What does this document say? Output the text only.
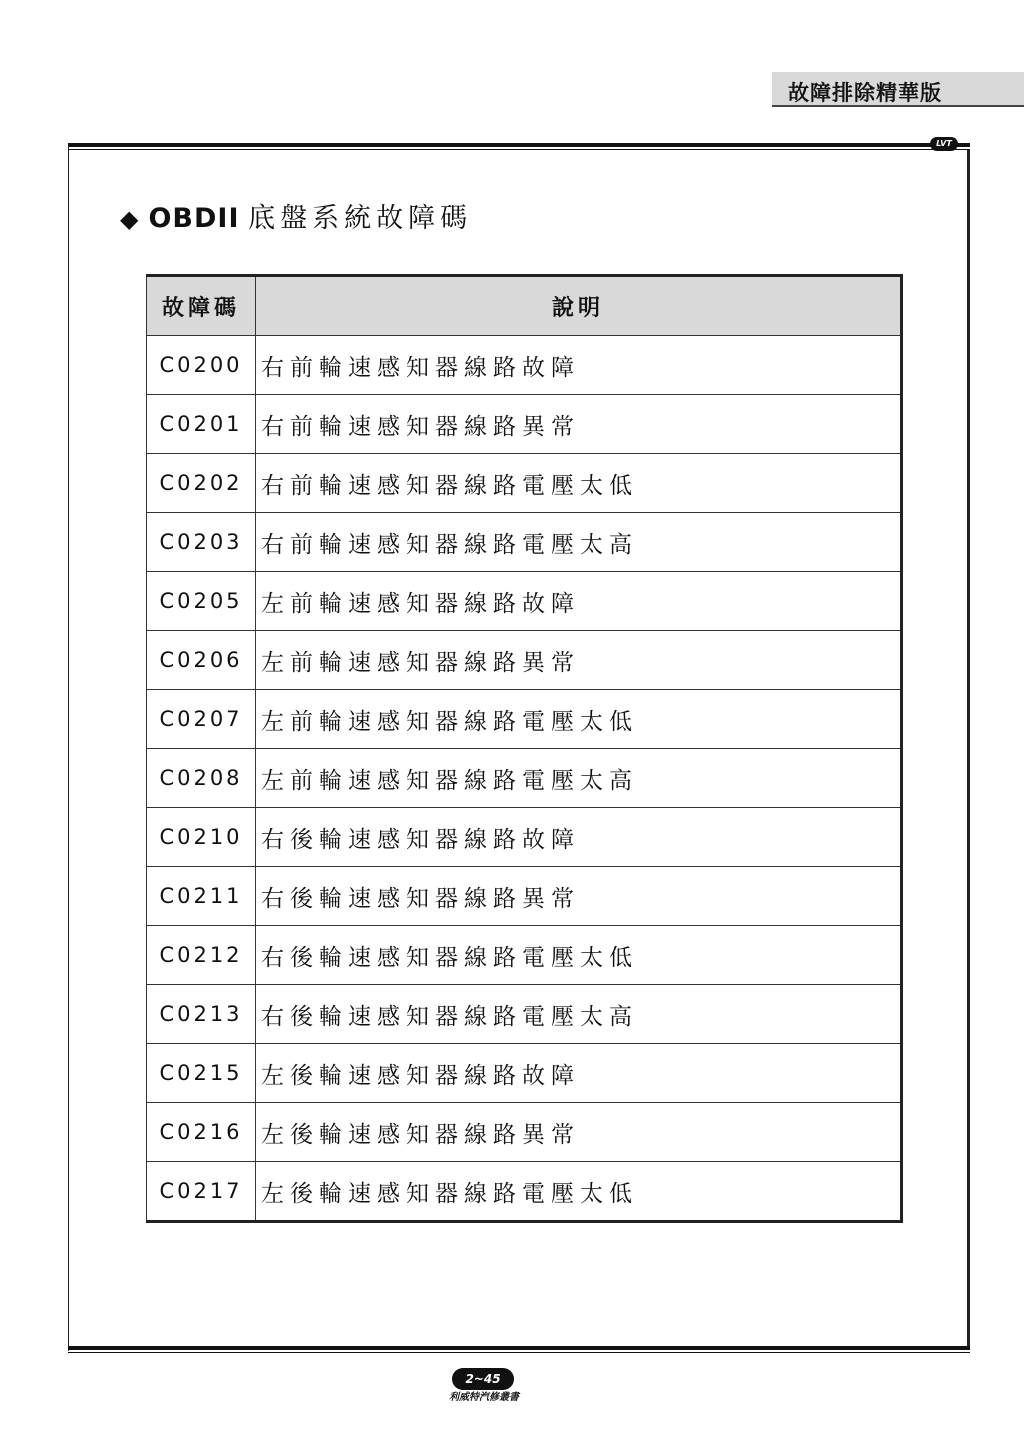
故障排除精華版
LVT
◆ OBDII 底盤系統故障碼
故障碼	說明
C0200	右前輪速感知器線路故障
C0201	右前輪速感知器線路異常
C0202	右前輪速感知器線路電壓太低
C0203	右前輪速感知器線路電壓太高
C0205	左前輪速感知器線路故障
C0206	左前輪速感知器線路異常
C0207	左前輪速感知器線路電壓太低
C0208	左前輪速感知器線路電壓太高
C0210	右後輪速感知器線路故障
C0211	右後輪速感知器線路異常
C0212	右後輪速感知器線路電壓太低
C0213	右後輪速感知器線路電壓太高
C0215	左後輪速感知器線路故障
C0216	左後輪速感知器線路異常
C0217	左後輪速感知器線路電壓太低
2~45
利威特汽修叢書
